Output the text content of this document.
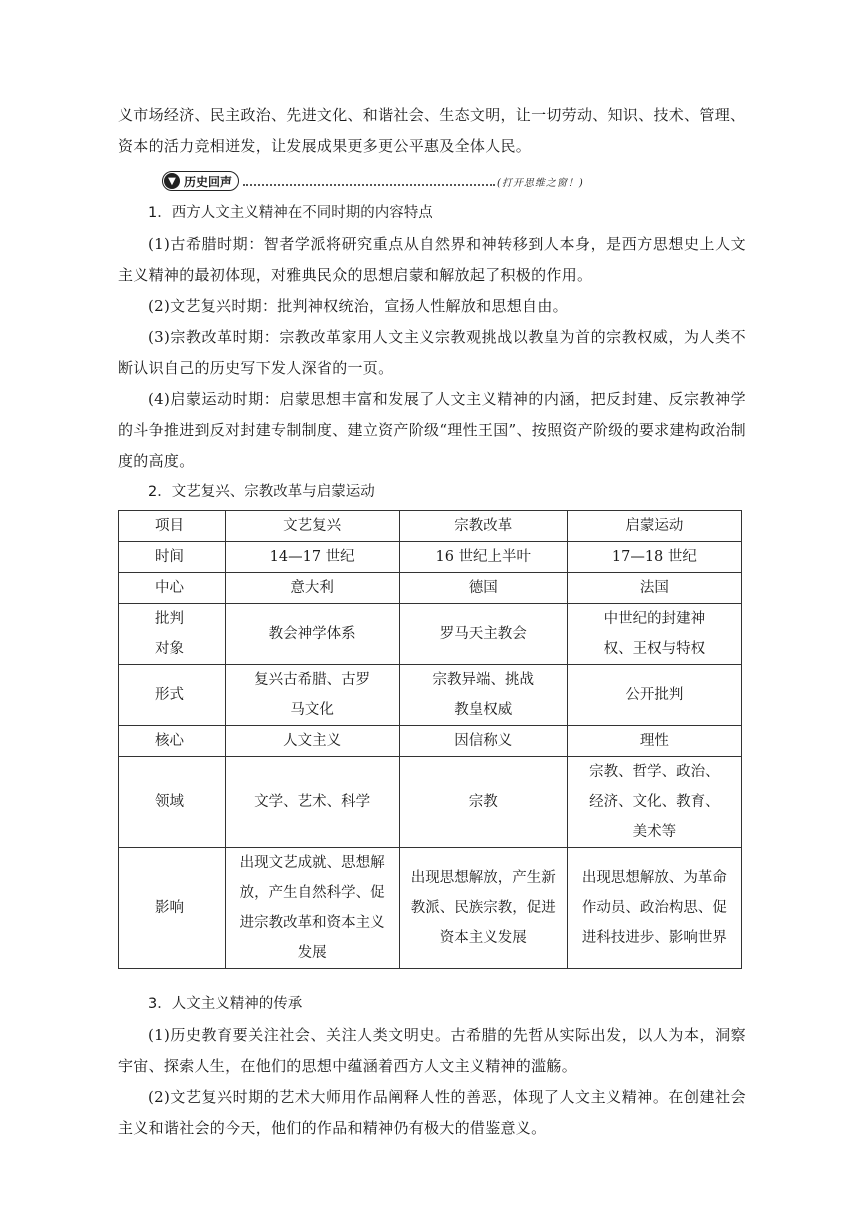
义市场经济、民主政治、先进文化、和谐社会、生态文明，让一切劳动、知识、技术、管理、

资本的活力竞相迸发，让发展成果更多更公平惠及全体人民。

▼ 历史回声	(打开思维之窗！)

1．西方人文主义精神在不同时期的内容特点

(1)古希腊时期：智者学派将研究重点从自然界和神转移到人本身，是西方思想史上人文主义精神的最初体现，对雅典民众的思想启蒙和解放起了积极的作用。

(2)文艺复兴时期：批判神权统治，宣扬人性解放和思想自由。

(3)宗教改革时期：宗教改革家用人文主义宗教观挑战以教皇为首的宗教权威，为人类不断认识自己的历史写下发人深省的一页。

(4)启蒙运动时期：启蒙思想丰富和发展了人文主义精神的内涵，把反封建、反宗教神学的斗争推进到反对封建专制制度、建立资产阶级“理性王国”、按照资产阶级的要求建构政治制度的高度。

2．文艺复兴、宗教改革与启蒙运动

项目	文艺复兴	宗教改革	启蒙运动
时间	14—17 世纪	16 世纪上半叶	17—18 世纪
中心	意大利	德国	法国
批判对象	教会神学体系	罗马天主教会	中世纪的封建神权、王权与特权
形式	复兴古希腊、古罗马文化	宗教异端、挑战教皇权威	公开批判
核心	人文主义	因信称义	理性
领域	文学、艺术、科学	宗教	宗教、哲学、政治、经济、文化、教育、美术等
影响	出现文艺成就、思想解放，产生自然科学、促进宗教改革和资本主义发展	出现思想解放，产生新教派、民族宗教，促进资本主义发展	出现思想解放、为革命作动员、政治构思、促进科技进步、影响世界

3．人文主义精神的传承

(1)历史教育要关注社会、关注人类文明史。古希腊的先哲从实际出发，以人为本，洞察宇宙、探索人生，在他们的思想中蕴涵着西方人文主义精神的滥觞。

(2)文艺复兴时期的艺术大师用作品阐释人性的善恶，体现了人文主义精神。在创建社会主义和谐社会的今天，他们的作品和精神仍有极大的借鉴意义。
